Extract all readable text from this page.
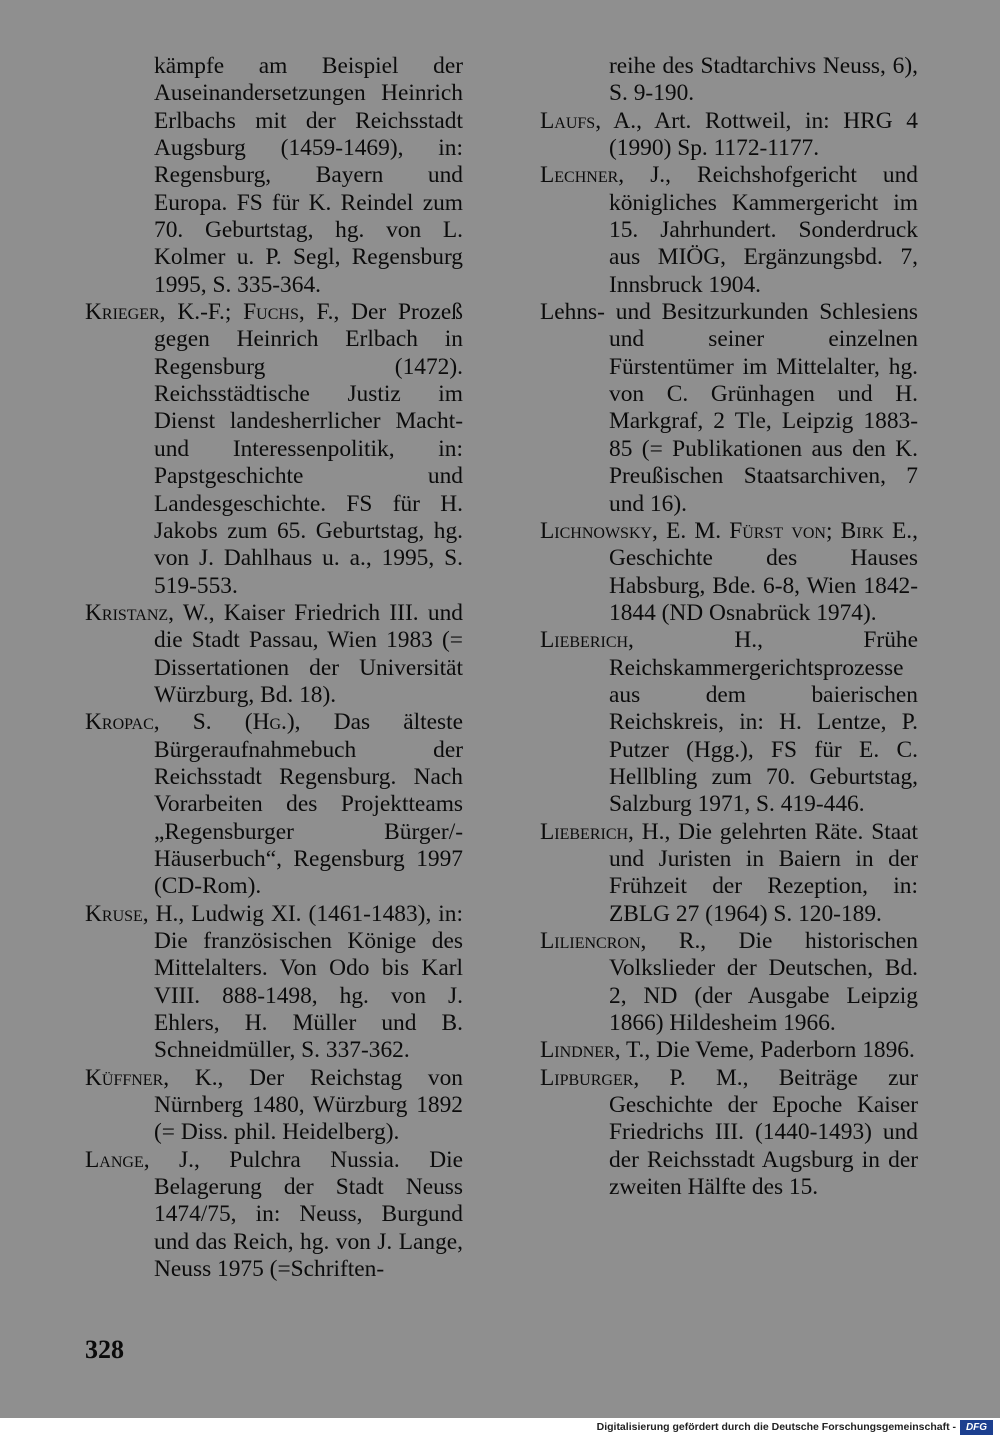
kämpfe am Beispiel der Auseinandersetzungen Heinrich Erlbachs mit der Reichsstadt Augsburg (1459-1469), in: Regensburg, Bayern und Europa. FS für K. Reindel zum 70. Geburtstag, hg. von L. Kolmer u. P. Segl, Regensburg 1995, S. 335-364.

Krieger, K.-F.; Fuchs, F., Der Prozeß gegen Heinrich Erlbach in Regensburg (1472). Reichsstädtische Justiz im Dienst landesherrlicher Macht- und Interessenpolitik, in: Papstgeschichte und Landesgeschichte. FS für H. Jakobs zum 65. Geburtstag, hg. von J. Dahlhaus u. a., 1995, S. 519-553.

Kristanz, W., Kaiser Friedrich III. und die Stadt Passau, Wien 1983 (= Dissertationen der Universität Würzburg, Bd. 18).

Kropac, S. (Hg.), Das älteste Bürgeraufnahmebuch der Reichsstadt Regensburg. Nach Vorarbeiten des Projektteams „Regensburger Bürger/-Häuserbuch“, Regensburg 1997 (CD-Rom).

Kruse, H., Ludwig XI. (1461-1483), in: Die französischen Könige des Mittelalters. Von Odo bis Karl VIII. 888-1498, hg. von J. Ehlers, H. Müller und B. Schneidmüller, S. 337-362.

Küffner, K., Der Reichstag von Nürnberg 1480, Würzburg 1892 (= Diss. phil. Heidelberg).

Lange, J., Pulchra Nussia. Die Belagerung der Stadt Neuss 1474/75, in: Neuss, Burgund und das Reich, hg. von J. Lange, Neuss 1975 (=Schriften-

reihe des Stadtarchivs Neuss, 6), S. 9-190.

Laufs, A., Art. Rottweil, in: HRG 4 (1990) Sp. 1172-1177.

Lechner, J., Reichshofgericht und königliches Kammergericht im 15. Jahrhundert. Sonderdruck aus MIÖG, Ergänzungsbd. 7, Innsbruck 1904.

Lehns- und Besitzurkunden Schlesiens und seiner einzelnen Fürstentümer im Mittelalter, hg. von C. Grünhagen und H. Markgraf, 2 Tle, Leipzig 1883-85 (= Publikationen aus den K. Preußischen Staatsarchiven, 7 und 16).

Lichnowsky, E. M. Fürst von; Birk E., Geschichte des Hauses Habsburg, Bde. 6-8, Wien 1842-1844 (ND Osnabrück 1974).

Lieberich, H., Frühe Reichskammergerichtsprozesse aus dem baierischen Reichskreis, in: H. Lentze, P. Putzer (Hgg.), FS für E. C. Hellbling zum 70. Geburtstag, Salzburg 1971, S. 419-446.

Lieberich, H., Die gelehrten Räte. Staat und Juristen in Baiern in der Frühzeit der Rezeption, in: ZBLG 27 (1964) S. 120-189.

Liliencron, R., Die historischen Volkslieder der Deutschen, Bd. 2, ND (der Ausgabe Leipzig 1866) Hildesheim 1966.

Lindner, T., Die Veme, Paderborn 1896.

Lipburger, P. M., Beiträge zur Geschichte der Epoche Kaiser Friedrichs III. (1440-1493) und der Reichsstadt Augsburg in der zweiten Hälfte des 15.

328
Digitalisierung gefördert durch die Deutsche Forschungsgemeinschaft - DFG
